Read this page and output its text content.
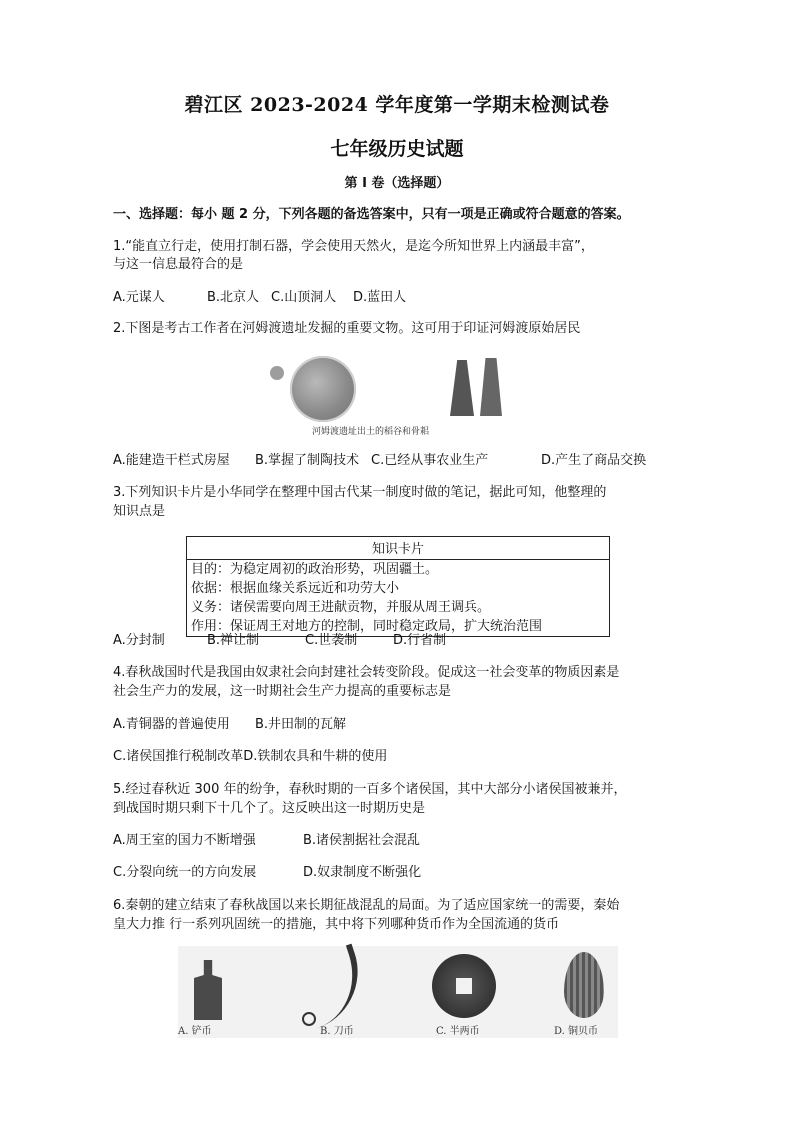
碧江区 2023-2024 学年度第一学期末检测试卷
七年级历史试题
第 I 卷（选择题）
一、选择题：每小 题 2 分，下列各题的备选答案中，只有一项是正确或符合题意的答案。
1.“能直立行走，使用打制石器，学会使用天然火，是迄今所知世界上内涵最丰富”，
与这一信息最符合的是
A.元谋人	B.北京人 C.山顶洞人 D.蓝田人
2.下图是考古工作者在河姆渡遗址发掘的重要文物。这可用于印证河姆渡原始居民
河姆渡遗址出土的稻谷和骨耜
A.能建造干栏式房屋 B.掌握了制陶技术 C.已经从事农业生产	D.产生了商品交换
3.下列知识卡片是小华同学在整理中国古代某一制度时做的笔记，据此可知，他整理的
知识点是
知识卡片
目的：为稳定周初的政治形势，巩固疆土。
依据：根据血缘关系远近和功劳大小
义务：诸侯需要向周王进献贡物，并服从周王调兵。
作用：保证周王对地方的控制，同时稳定政局，扩大统治范围
A.分封制	B.禅让制	C.世袭制	D.行省制
4.春秋战国时代是我国由奴隶社会向封建社会转变阶段。促成这一社会变革的物质因素是
社会生产力的发展，这一时期社会生产力提高的重要标志是
A.青铜器的普遍使用 B.井田制的瓦解
C.诸侯国推行税制改革D.铁制农具和牛耕的使用
5.经过春秋近 300 年的纷争，春秋时期的一百多个诸侯国，其中大部分小诸侯国被兼并，
到战国时期只剩下十几个了。这反映出这一时期历史是
A.周王室的国力不断增强	B.诸侯割据社会混乱
C.分裂向统一的方向发展	D.奴隶制度不断强化
6.秦朝的建立结束了春秋战国以来长期征战混乱的局面。为了适应国家统一的需要，秦始
皇大力推 行一系列巩固统一的措施，其中将下列哪种货币作为全国流通的货币
A. 铲币	B. 刀币	C. 半两币	D. 铜贝币
